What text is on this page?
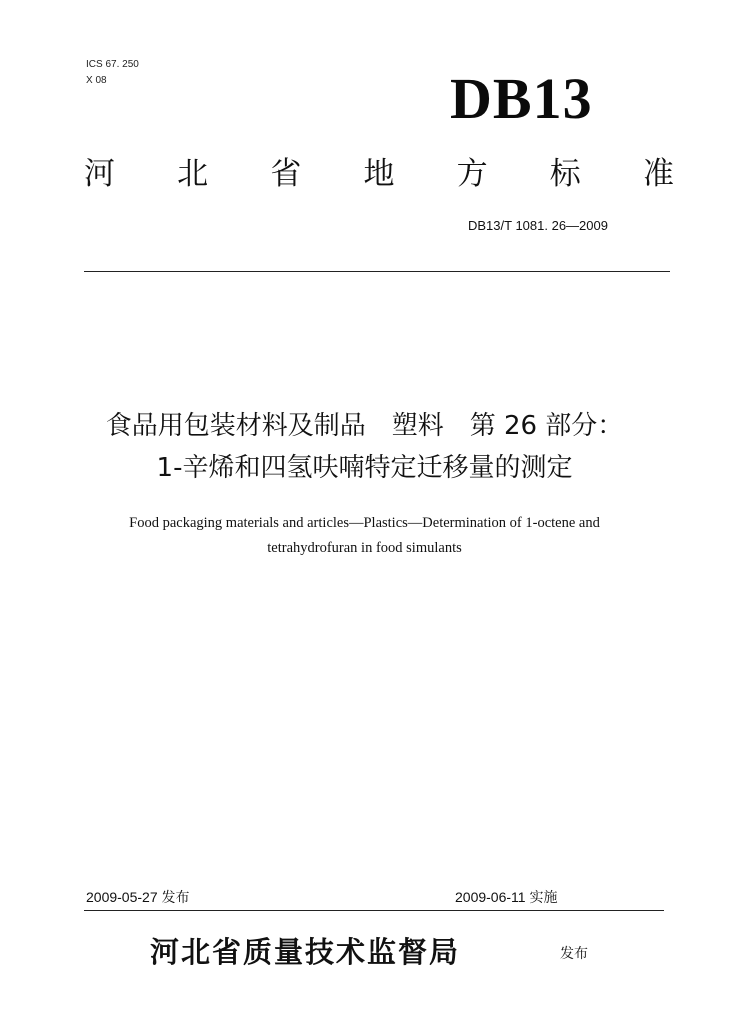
ICS 67. 250
X 08	DB13
河 北 省 地 方 标 准
DB13/T 1081. 26—2009
食品用包装材料及制品　塑料　第 26 部分：
1-辛烯和四氢呋喃特定迁移量的测定
Food packaging materials and articles—Plastics—Determination of 1-octene and
tetrahydrofuran in food simulants
2009-05-27 发布	2009-06-11 实施
河北省质量技术监督局	发布
